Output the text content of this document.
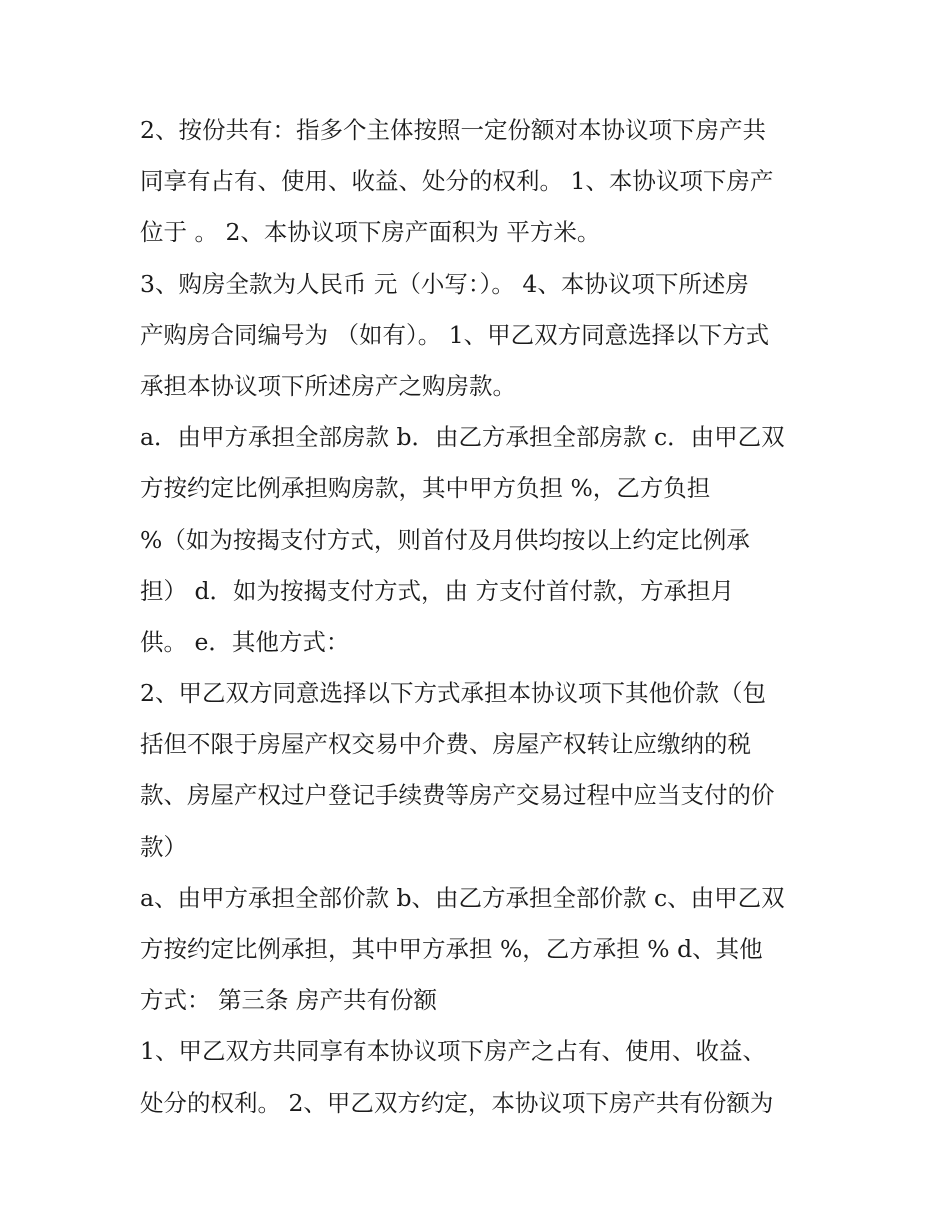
2、按份共有：指多个主体按照一定份额对本协议项下房产共
同享有占有、使用、收益、处分的权利。 1、本协议项下房产
位于 。 2、本协议项下房产面积为 平方米。
3、购房全款为人民币 元（小写：）。 4、本协议项下所述房
产购房合同编号为 （如有）。 1、甲乙双方同意选择以下方式
承担本协议项下所述房产之购房款。
a．由甲方承担全部房款 b．由乙方承担全部房款 c．由甲乙双
方按约定比例承担购房款，其中甲方负担 %，乙方负担
%（如为按揭支付方式，则首付及月供均按以上约定比例承
担） d．如为按揭支付方式，由 方支付首付款，方承担月
供。 e．其他方式：
2、甲乙双方同意选择以下方式承担本协议项下其他价款（包
括但不限于房屋产权交易中介费、房屋产权转让应缴纳的税
款、房屋产权过户登记手续费等房产交易过程中应当支付的价
款）
a、由甲方承担全部价款 b、由乙方承担全部价款 c、由甲乙双
方按约定比例承担，其中甲方承担 %，乙方承担 % d、其他
方式： 第三条 房产共有份额
1、甲乙双方共同享有本协议项下房产之占有、使用、收益、
处分的权利。 2、甲乙双方约定，本协议项下房产共有份额为
